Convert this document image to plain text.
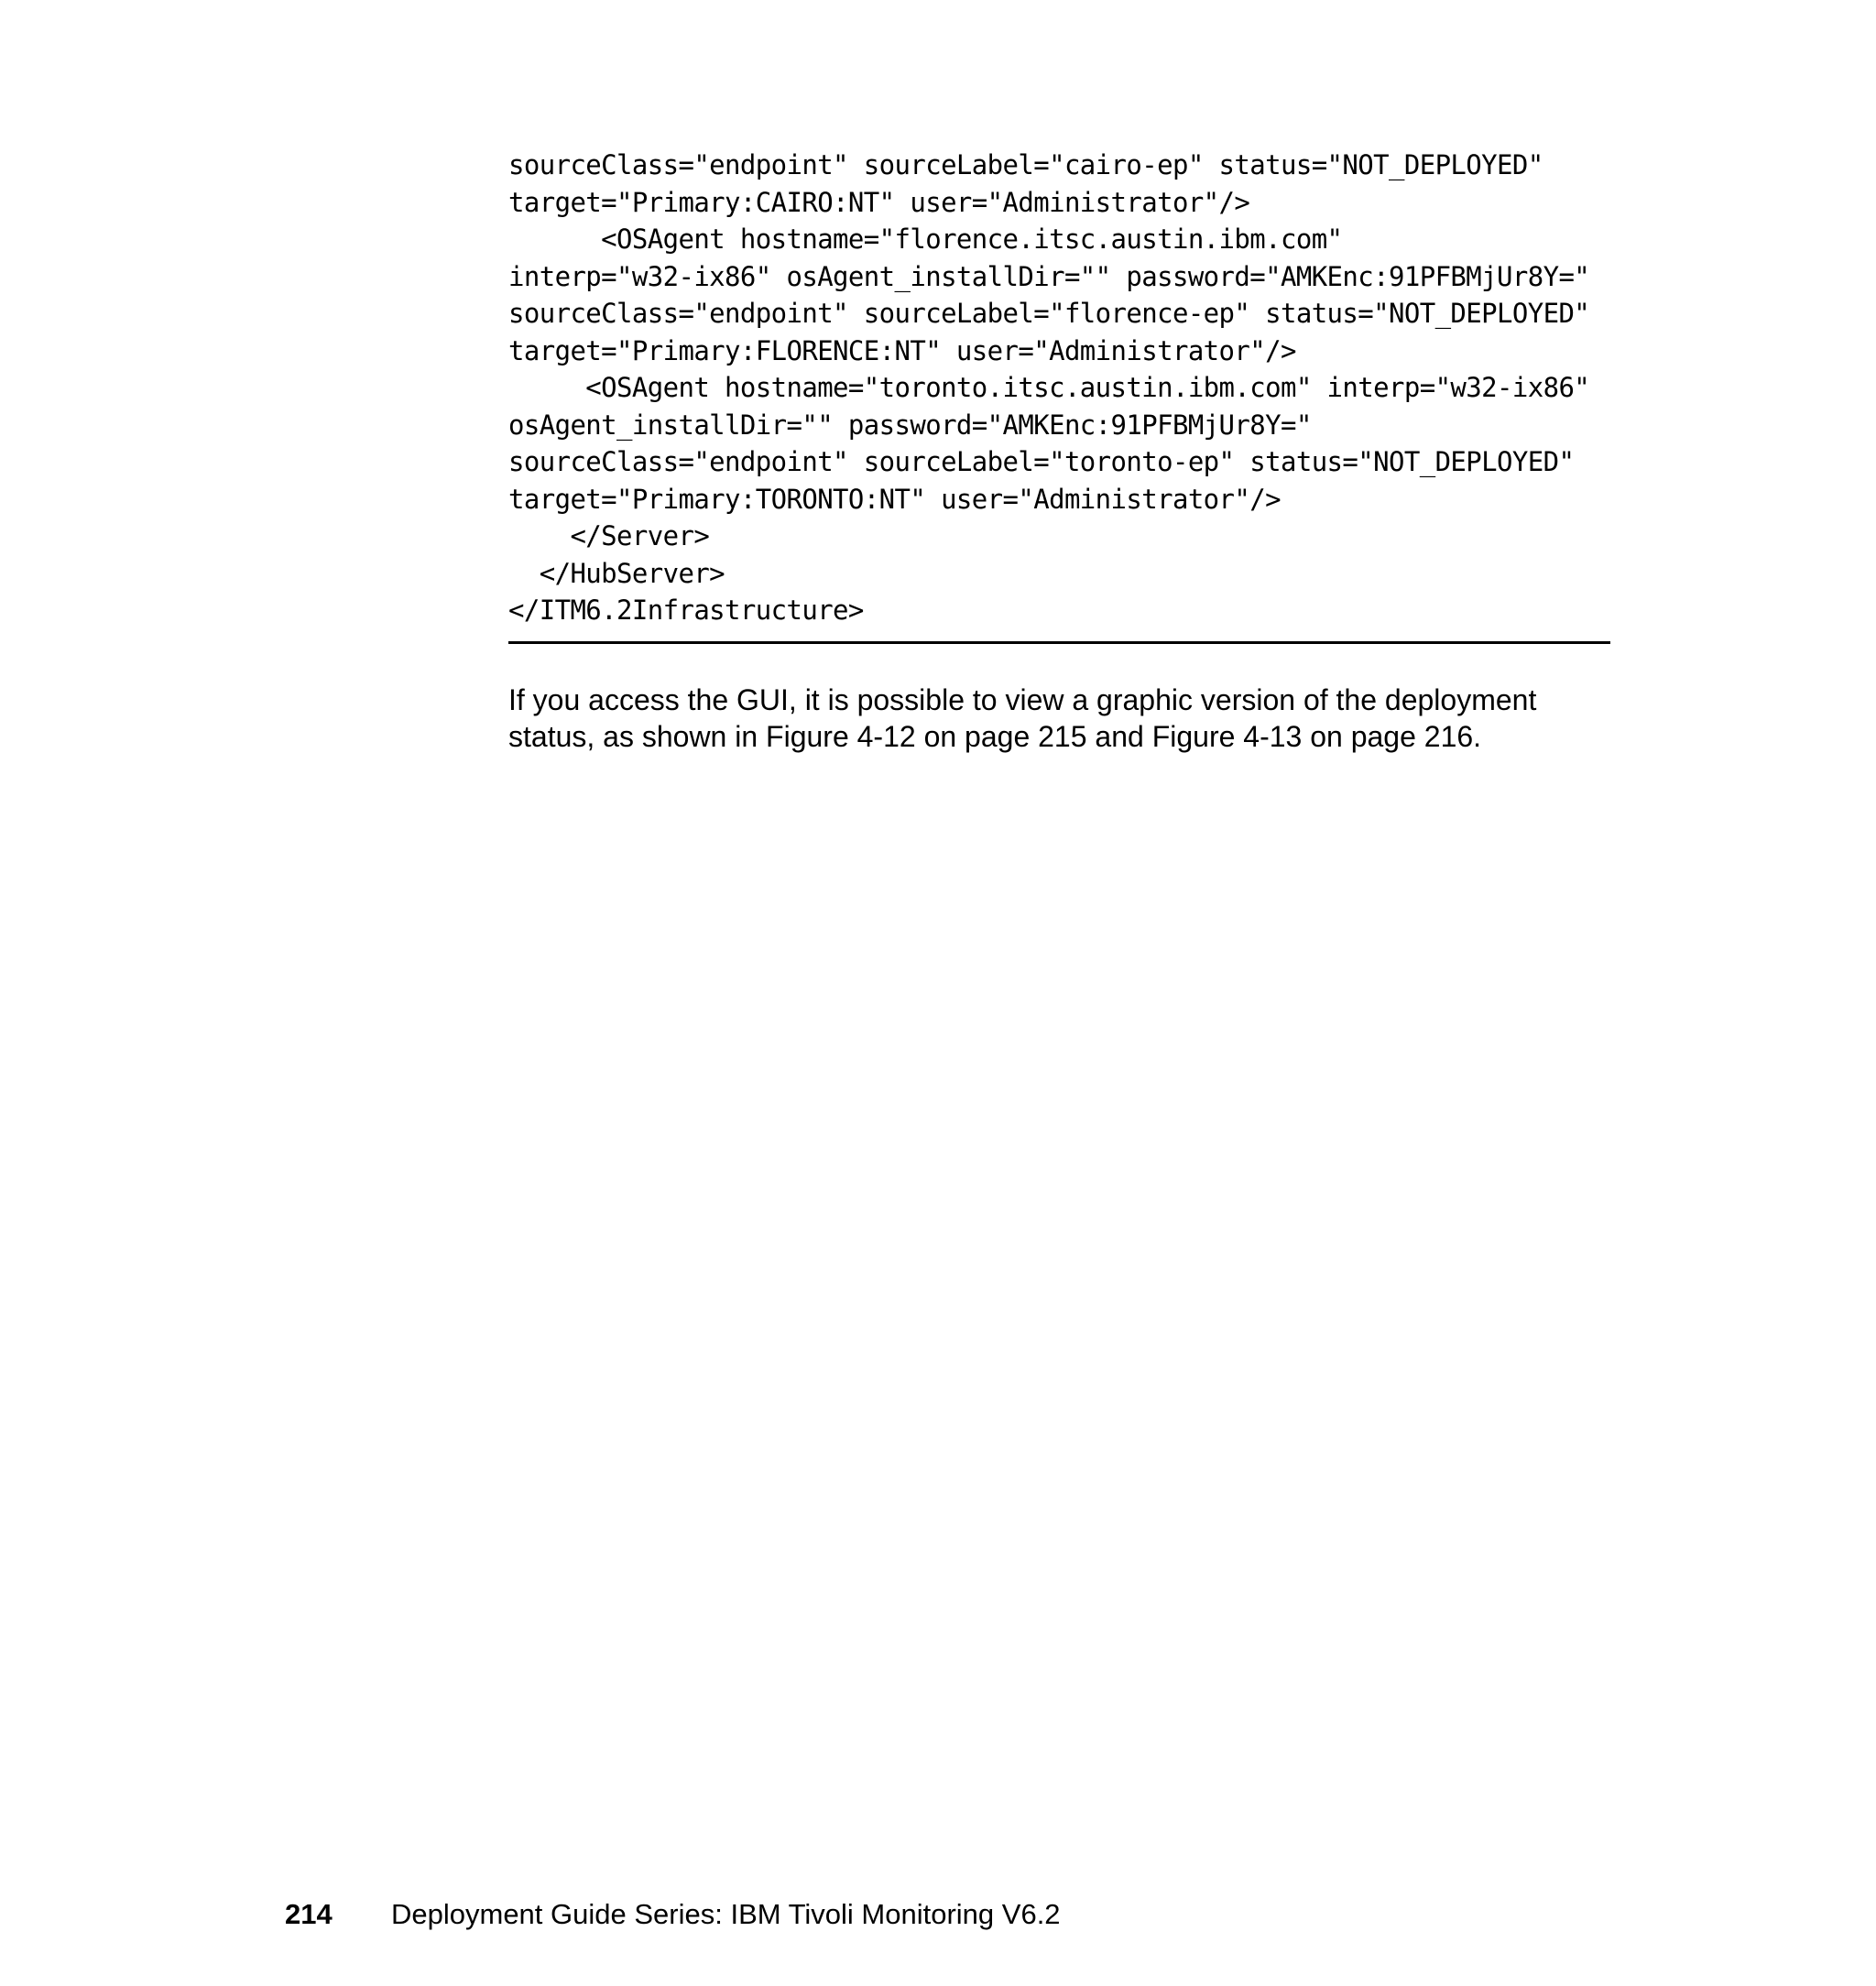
sourceClass="endpoint" sourceLabel="cairo-ep" status="NOT_DEPLOYED"
target="Primary:CAIRO:NT" user="Administrator"/>
<OSAgent hostname="florence.itsc.austin.ibm.com"
interp="w32-ix86" osAgent_installDir="" password="AMKEnc:91PFBMjUr8Y="
sourceClass="endpoint" sourceLabel="florence-ep" status="NOT_DEPLOYED"
target="Primary:FLORENCE:NT" user="Administrator"/>
<OSAgent hostname="toronto.itsc.austin.ibm.com" interp="w32-ix86"
osAgent_installDir="" password="AMKEnc:91PFBMjUr8Y="
sourceClass="endpoint" sourceLabel="toronto-ep" status="NOT_DEPLOYED"
target="Primary:TORONTO:NT" user="Administrator"/>
</Server>
</HubServer>
</ITM6.2Infrastructure>

If you access the GUI, it is possible to view a graphic version of the deployment status, as shown in Figure 4-12 on page 215 and Figure 4-13 on page 216.

214 Deployment Guide Series: IBM Tivoli Monitoring V6.2
